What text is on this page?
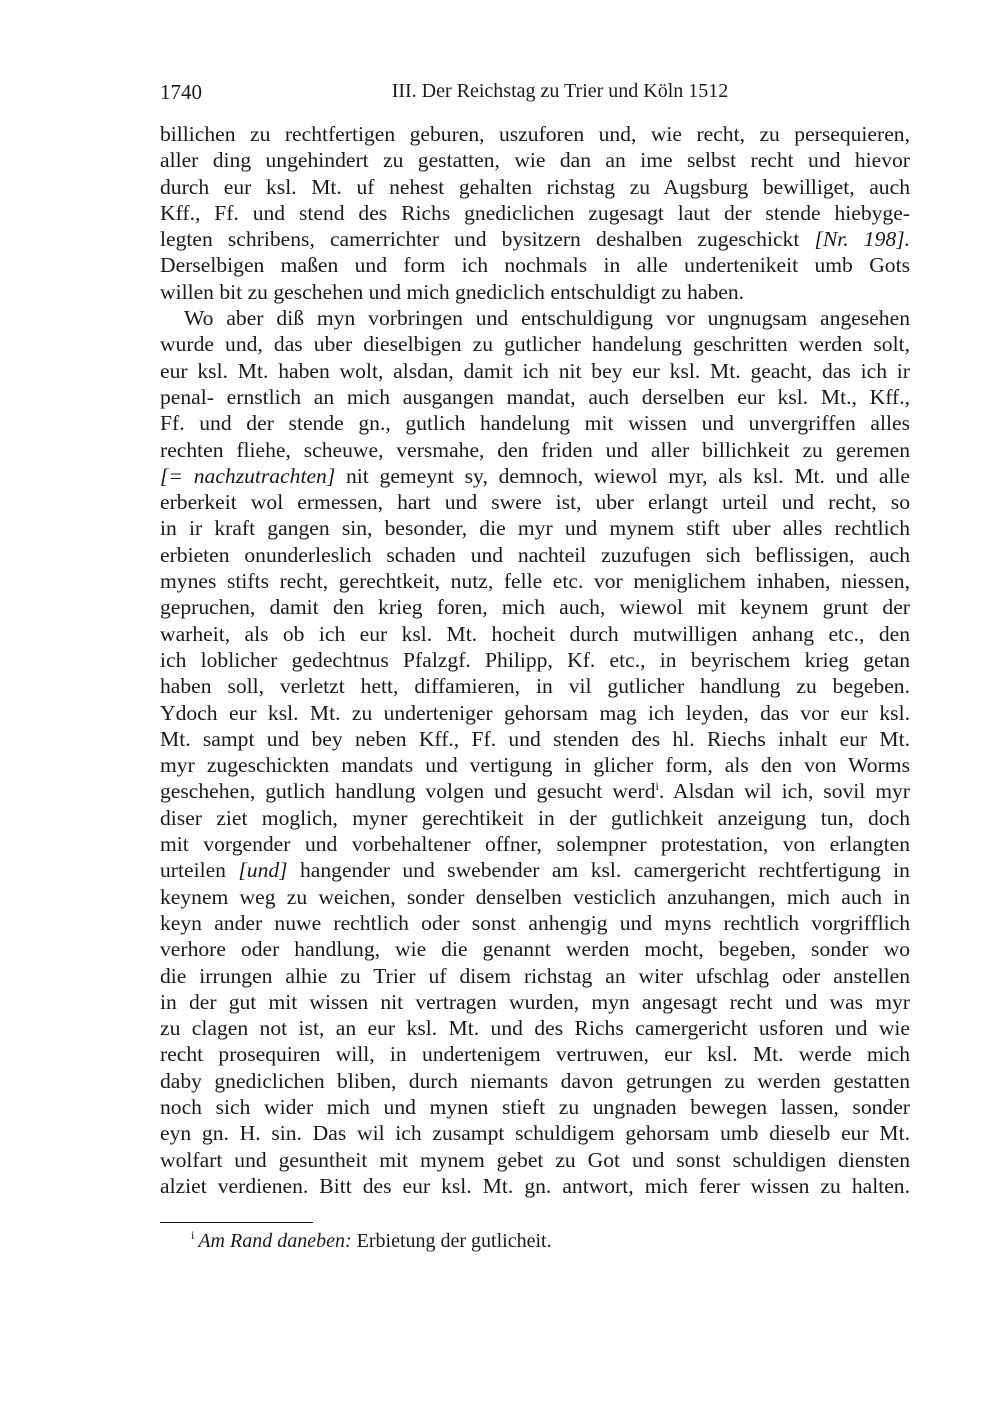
1740	III. Der Reichstag zu Trier und Köln 1512
billichen zu rechtfertigen geburen, uszuforen und, wie recht, zu persequieren,
aller ding ungehindert zu gestatten, wie dan an ime selbst recht und hievor
durch eur ksl. Mt. uf nehest gehalten richstag zu Augsburg bewilliget, auch
Kff., Ff. und stend des Richs gnediclichen zugesagt laut der stende hiebyge-
legten schribens, camerrichter und bysitzern deshalben zugeschickt [Nr. 198].
Derselbigen maßen und form ich nochmals in alle undertenikeit umb Gots
willen bit zu geschehen und mich gnediclich entschuldigt zu haben.
Wo aber diß myn vorbringen und entschuldigung vor ungnugsam angesehen
wurde und, das uber dieselbigen zu gutlicher handelung geschritten werden solt,
eur ksl. Mt. haben wolt, alsdan, damit ich nit bey eur ksl. Mt. geacht, das ich ir
penal- ernstlich an mich ausgangen mandat, auch derselben eur ksl. Mt., Kff.,
Ff. und der stende gn., gutlich handelung mit wissen und unvergriffen alles
rechten fliehe, scheuwe, versmahe, den friden und aller billichkeit zu geremen
[= nachzutrachten] nit gemeynt sy, demnoch, wiewol myr, als ksl. Mt. und alle
erberkeit wol ermessen, hart und swere ist, uber erlangt urteil und recht, so
in ir kraft gangen sin, besonder, die myr und mynem stift uber alles rechtlich
erbieten onunderleslich schaden und nachteil zuzufugen sich beflissigen, auch
mynes stifts recht, gerechtkeit, nutz, felle etc. vor meniglichem inhaben, niessen,
gepruchen, damit den krieg foren, mich auch, wiewol mit keynem grunt der
warheit, als ob ich eur ksl. Mt. hocheit durch mutwilligen anhang etc., den
ich loblicher gedechtnus Pfalzgf. Philipp, Kf. etc., in beyrischem krieg getan
haben soll, verletzt hett, diffamieren, in vil gutlicher handlung zu begeben.
Ydoch eur ksl. Mt. zu underteniger gehorsam mag ich leyden, das vor eur ksl.
Mt. sampt und bey neben Kff., Ff. und stenden des hl. Riechs inhalt eur Mt.
myr zugeschickten mandats und vertigung in glicher form, als den von Worms
geschehen, gutlich handlung volgen und gesucht werd$^i$. Alsdan wil ich, sovil myr
diser ziet moglich, myner gerechtikeit in der gutlichkeit anzeigung tun, doch
mit vorgender und vorbehaltener offner, solempner protestation, von erlangten
urteilen [und] hangender und swebender am ksl. camergericht rechtfertigung in
keynem weg zu weichen, sonder denselben vesticlich anzuhangen, mich auch in
keyn ander nuwe rechtlich oder sonst anhengig und myns rechtlich vorgrifflich
verhore oder handlung, wie die genannt werden mocht, begeben, sonder wo
die irrungen alhie zu Trier uf disem richstag an witer ufschlag oder anstellen
in der gut mit wissen nit vertragen wurden, myn angesagt recht und was myr
zu clagen not ist, an eur ksl. Mt. und des Richs camergericht usforen und wie
recht prosequiren will, in undertenigem vertruwen, eur ksl. Mt. werde mich
daby gnediclichen bliben, durch niemants davon getrungen zu werden gestatten
noch sich wider mich und mynen stieft zu ungnaden bewegen lassen, sonder
eyn gn. H. sin. Das wil ich zusampt schuldigem gehorsam umb dieselb eur Mt.
wolfart und gesuntheit mit mynem gebet zu Got und sonst schuldigen diensten
alziet verdienen. Bitt des eur ksl. Mt. gn. antwort, mich ferer wissen zu halten.
$^i$ Am Rand daneben: Erbietung der gutlicheit.
